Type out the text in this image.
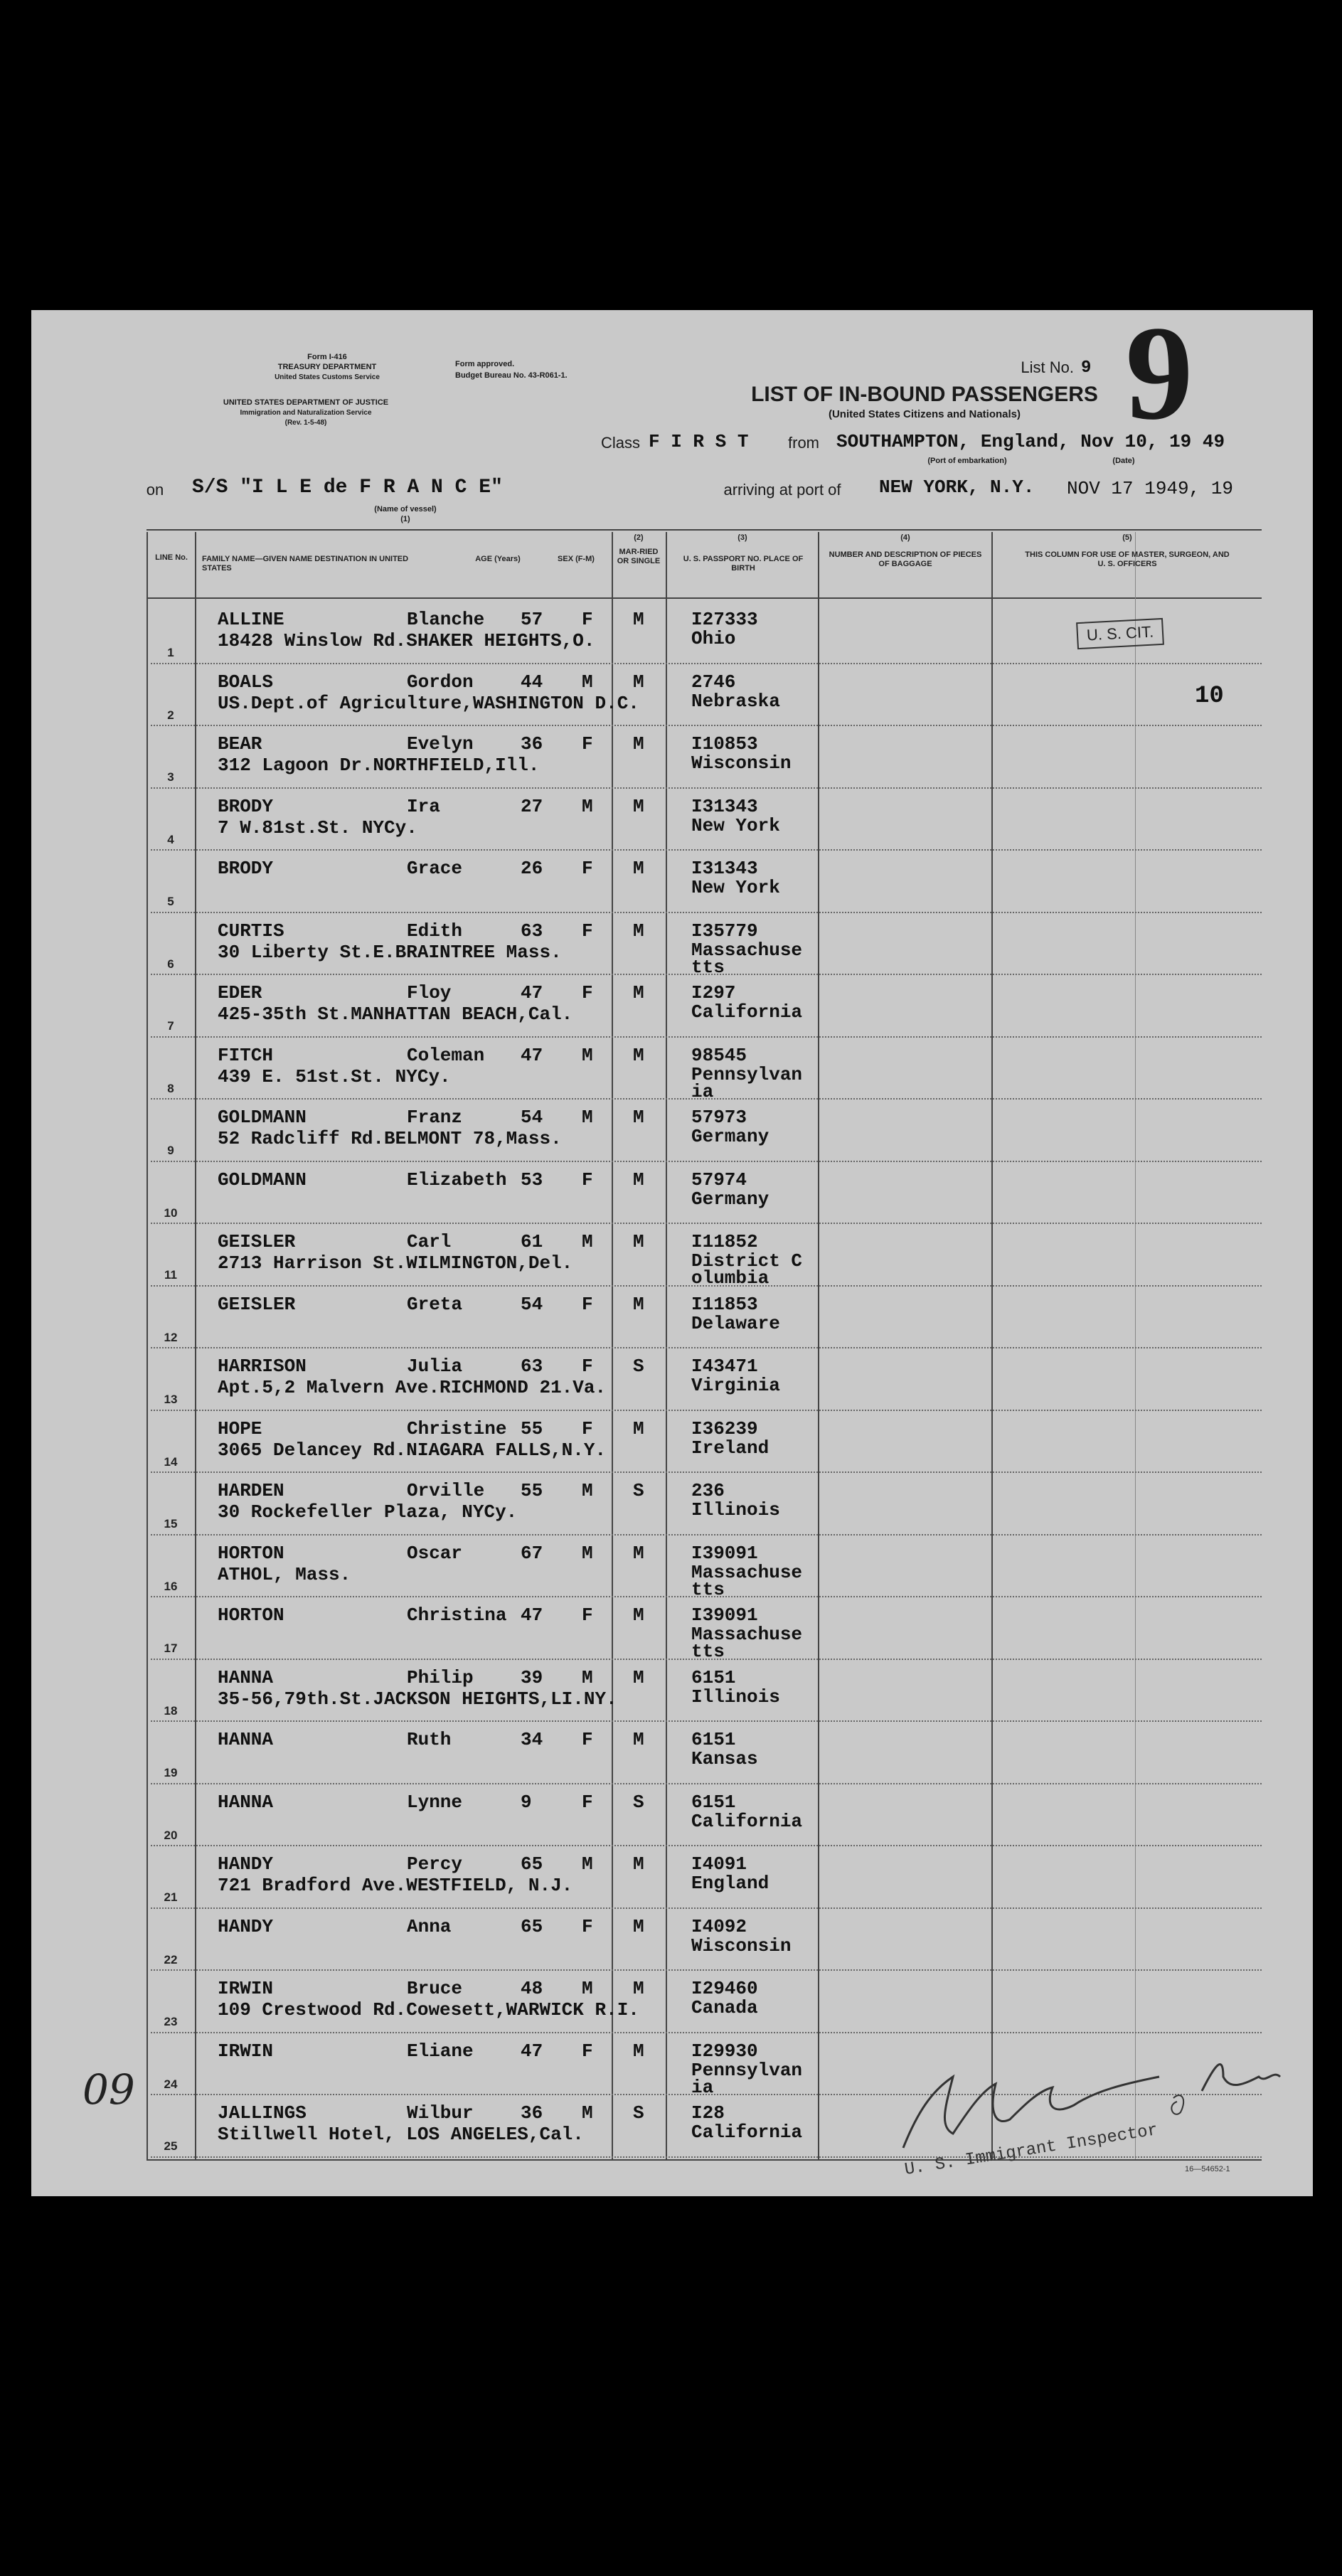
Form I-416
TREASURY DEPARTMENT
United States Customs Service
UNITED STATES DEPARTMENT OF JUSTICE
Immigration and Naturalization Service
(Rev. 1-5-48)
Form approved.
Budget Bureau No. 43-R061-1.	List No. 9 9
LIST OF IN-BOUND PASSENGERS
(United States Citizens and Nationals)
Class F I R S T	from SOUTHAMPTON, England, Nov 10, 19 49
(Port of embarkation)	(Date)
on S/S "I L E de F R A N C E"
(Name of vessel)
(1)
arriving at port of	NEW YORK, N.Y. NOV 17 1949, 19
LINE No.	FAMILY NAME—GIVEN NAME DESTINATION IN UNITED STATES
AGE (Years)	SEX (F-M)
(2)
MAR-RIED OR SINGLE
(3)
U. S. PASSPORT NO. PLACE OF BIRTH
(4)
NUMBER AND DESCRIPTION OF PIECES OF BAGGAGE
(5)
THIS COLUMN FOR USE OF MASTER, SURGEON, AND U. S. OFFICERS
1
ALLINE	Blanche 57 F M	I27333
18428 Winslow Rd.SHAKER HEIGHTS,O.	Ohio
2
BOALS	Gordon	44 M M	2746
US.Dept.of Agriculture,WASHINGTON D.C.	Nebraska
3
BEAR	Evelyn	36 F M	I10853
312 Lagoon Dr.NORTHFIELD,Ill.	Wisconsin
4
BRODY	Ira	27 M M	I31343
7 W.81st.St. NYCy.	New York
5
BRODY	Grace	26 F M	I31343
New York
6
CURTIS	Edith	63 F M	I35779
30 Liberty St.E.BRAINTREE Mass.	Massachusetts
7
EDER	Floy	47 F M	I297
425-35th St.MANHATTAN BEACH,Cal.	California
8
FITCH	Coleman 47 M M	98545
439 E. 51st.St. NYCy.	Pennsylvania
9
GOLDMANN	Franz	54 M M	57973
52 Radcliff Rd.BELMONT 78,Mass.	Germany
10
GOLDMANN	Elizabeth 53 F M	57974
Germany
11
GEISLER	Carl	61 M M	I11852
2713 Harrison St.WILMINGTON,Del.	District Columbia
12
GEISLER	Greta	54 F M	I11853
Delaware
13
HARRISON	Julia	63 F S	I43471
Apt.5,2 Malvern Ave.RICHMOND 21.Va.	Virginia
14
HOPE	Christine 55 F M	I36239
3065 Delancey Rd.NIAGARA FALLS,N.Y.	Ireland
15
HARDEN	Orville 55 M S	236
30 Rockefeller Plaza, NYCy.	Illinois
16
HORTON	Oscar	67 M M	I39091
ATHOL, Mass.	Massachusetts
17
HORTON	Christina 47 F M	I39091
Massachusetts
18
HANNA	Philip	39 M M	6151
35-56,79th.St.JACKSON HEIGHTS,LI.NY.	Illinois
19
HANNA	Ruth	34 F M	6151
Kansas
20
HANNA	Lynne	9	F S	6151
California
21
HANDY	Percy	65 M M	I4091
721 Bradford Ave.WESTFIELD, N.J.	England
22
HANDY	Anna	65 F M	I4092
Wisconsin
23
IRWIN	Bruce	48 M M	I29460
109 Crestwood Rd.Cowesett,WARWICK R.I.	Canada
24
IRWIN	Eliane	47 F M	I29930
Pennsylvania
25
JALLINGS	Wilbur	36 M S	I28
Stillwell Hotel, LOS ANGELES,Cal.	California
U. S. CIT.
10
09
U. S. Immigrant Inspector	16—54652-1
